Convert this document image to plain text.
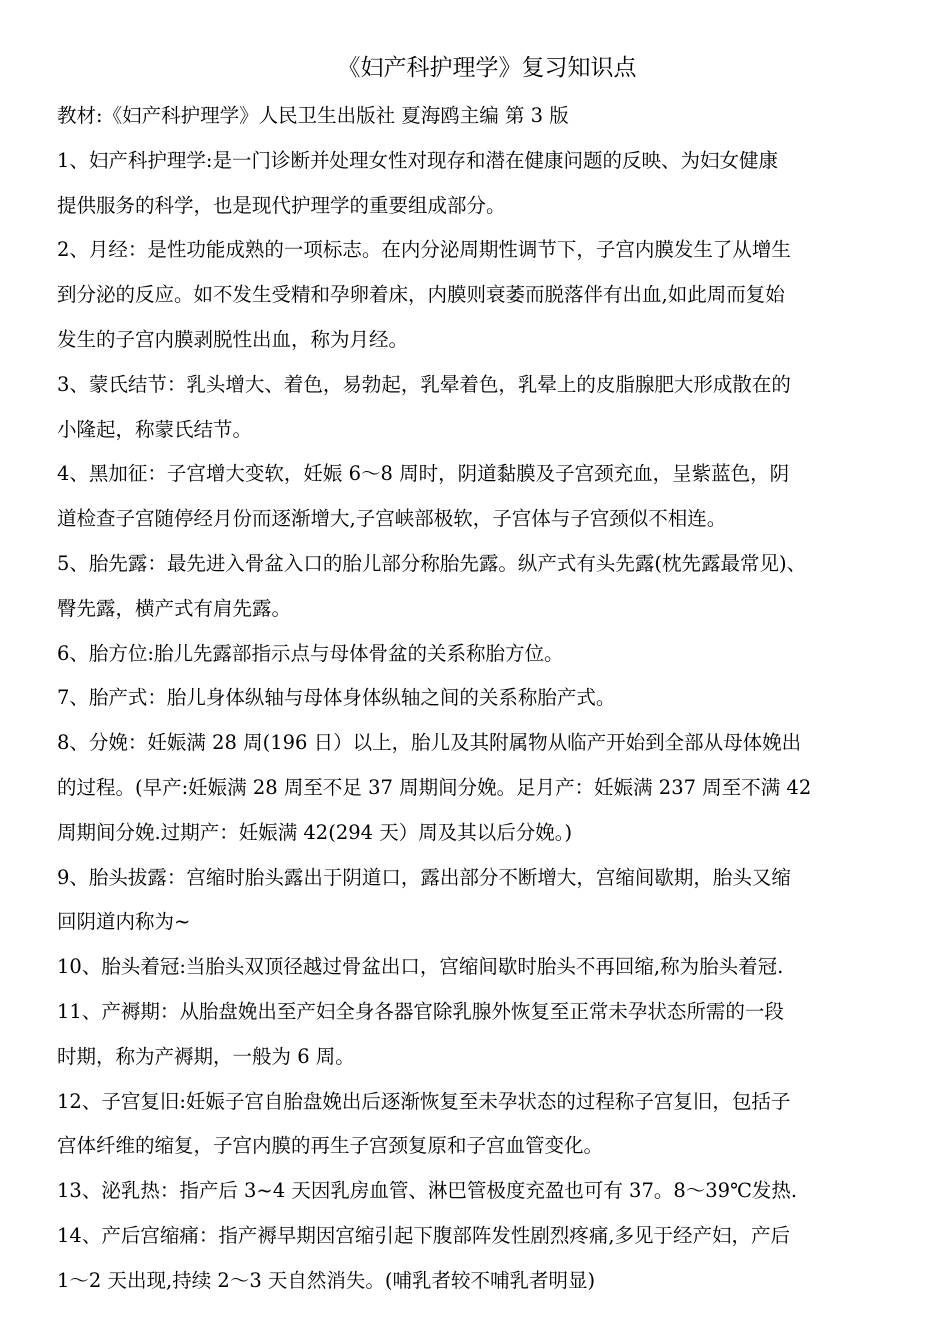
《妇产科护理学》复习知识点
教材:《妇产科护理学》人民卫生出版社 夏海鸥主编 第 3 版
1、妇产科护理学:是一门诊断并处理女性对现存和潜在健康问题的反映、为妇女健康
提供服务的科学，也是现代护理学的重要组成部分。
2、月经：是性功能成熟的一项标志。在内分泌周期性调节下，子宫内膜发生了从增生
到分泌的反应。如不发生受精和孕卵着床，内膜则衰萎而脱落伴有出血,如此周而复始
发生的子宫内膜剥脱性出血，称为月经。
3、蒙氏结节：乳头增大、着色，易勃起，乳晕着色，乳晕上的皮脂腺肥大形成散在的
小隆起，称蒙氏结节。
4、黑加征：子宫增大变软，妊娠 6～8 周时，阴道黏膜及子宫颈充血，呈紫蓝色，阴
道检查子宫随停经月份而逐渐增大,子宫峡部极软，子宫体与子宫颈似不相连。
5、胎先露：最先进入骨盆入口的胎儿部分称胎先露。纵产式有头先露(枕先露最常见)、
臀先露，横产式有肩先露。
6、胎方位:胎儿先露部指示点与母体骨盆的关系称胎方位。
7、胎产式：胎儿身体纵轴与母体身体纵轴之间的关系称胎产式。
8、分娩：妊娠满 28 周(196 日）以上，胎儿及其附属物从临产开始到全部从母体娩出
的过程。(早产:妊娠满 28 周至不足 37 周期间分娩。足月产：妊娠满 237 周至不满 42
周期间分娩.过期产：妊娠满 42(294 天）周及其以后分娩。)
9、胎头拔露：宫缩时胎头露出于阴道口，露出部分不断增大，宫缩间歇期，胎头又缩
回阴道内称为~
10、胎头着冠:当胎头双顶径越过骨盆出口，宫缩间歇时胎头不再回缩,称为胎头着冠.
11、产褥期：从胎盘娩出至产妇全身各器官除乳腺外恢复至正常未孕状态所需的一段
时期，称为产褥期，一般为 6 周。
12、子宫复旧:妊娠子宫自胎盘娩出后逐渐恢复至未孕状态的过程称子宫复旧，包括子
宫体纤维的缩复，子宫内膜的再生子宫颈复原和子宫血管变化。
13、泌乳热：指产后 3~4 天因乳房血管、淋巴管极度充盈也可有 37。8～39℃发热.
14、产后宫缩痛：指产褥早期因宫缩引起下腹部阵发性剧烈疼痛,多见于经产妇，产后
1～2 天出现,持续 2～3 天自然消失。(哺乳者较不哺乳者明显)
